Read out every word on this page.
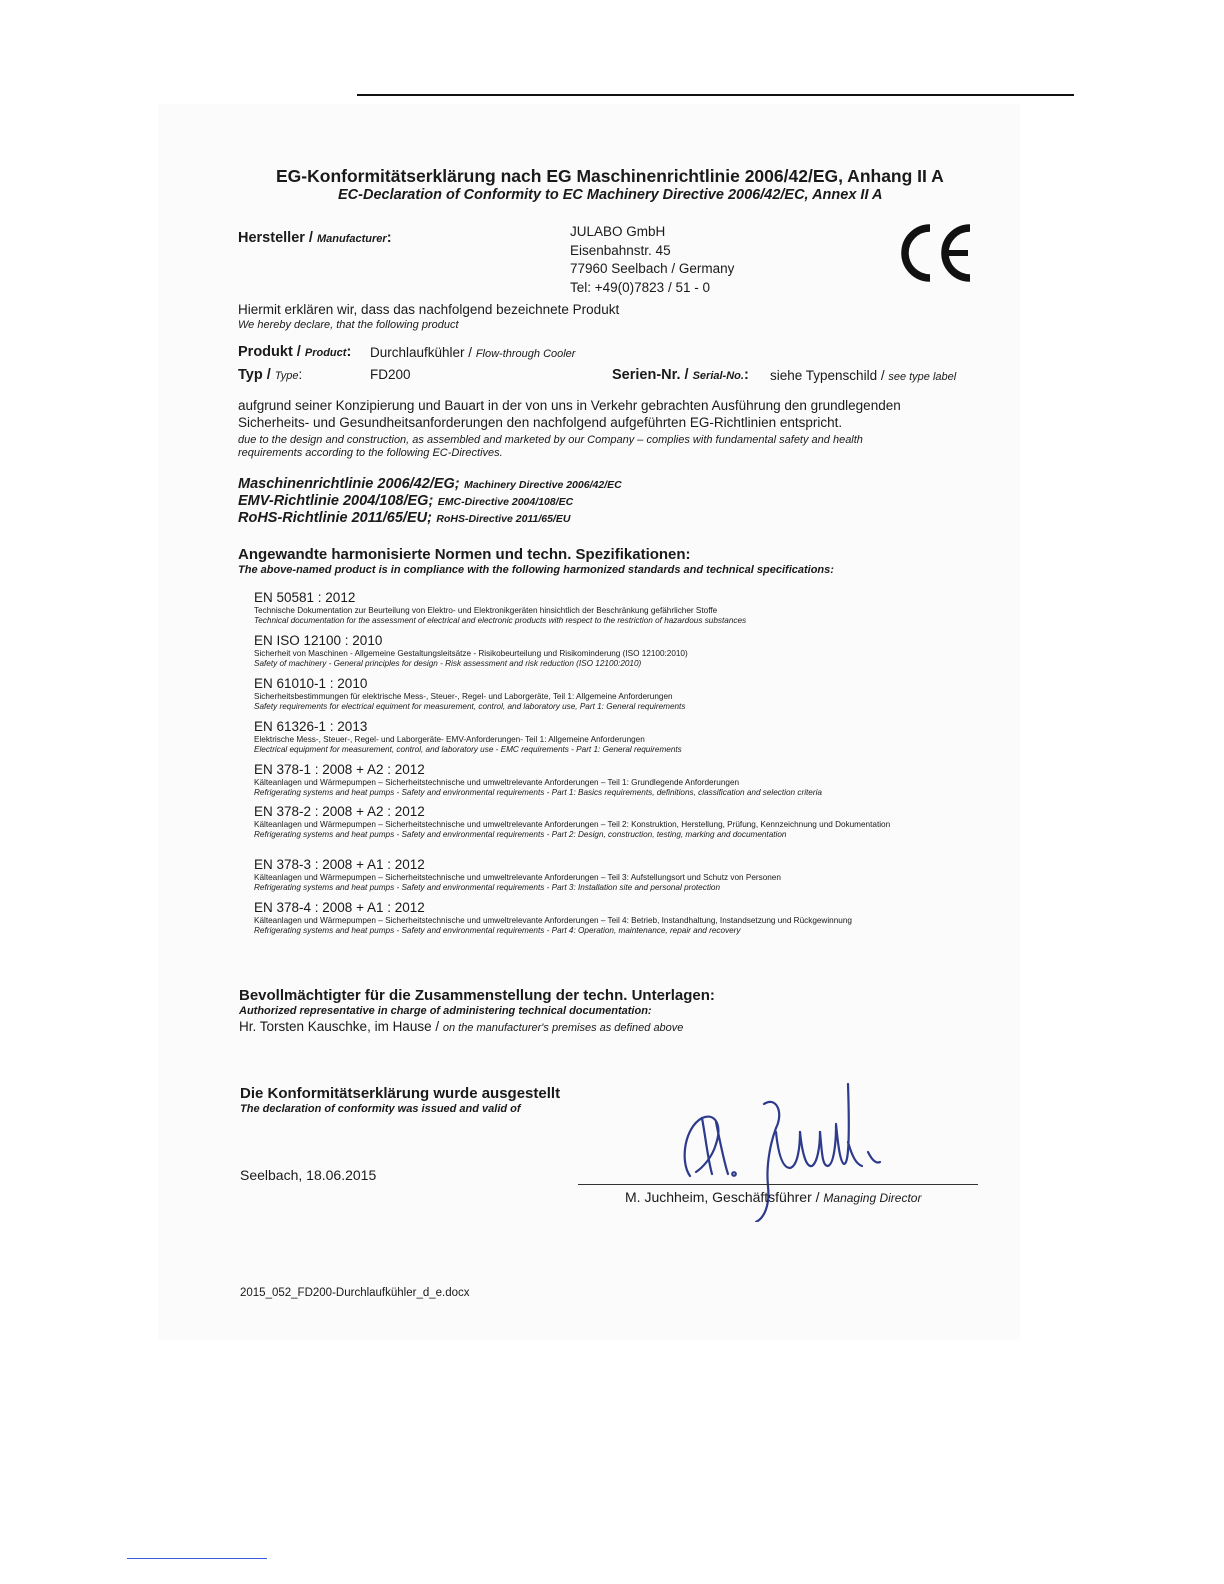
EG-Konformitätserklärung nach EG Maschinenrichtlinie 2006/42/EG, Anhang II A
EC-Declaration of Conformity to EC Machinery Directive 2006/42/EC, Annex II A
Hersteller / Manufacturer:	JULABO GmbH
Eisenbahnstr. 45
77960 Seelbach / Germany
Tel: +49(0)7823 / 51 - 0
Hiermit erklären wir, dass das nachfolgend bezeichnete Produkt
We hereby declare, that the following product
Produkt / Product: Durchlaufkühler / Flow-through Cooler
Typ / Type:	FD200	Serien-Nr. / Serial-No.: siehe Typenschild / see type label
aufgrund seiner Konzipierung und Bauart in der von uns in Verkehr gebrachten Ausführung den grundlegenden
Sicherheits- und Gesundheitsanforderungen den nachfolgend aufgeführten EG-Richtlinien entspricht.
due to the design and construction, as assembled and marketed by our Company – complies with fundamental safety and health
requirements according to the following EC-Directives.
Maschinenrichtlinie 2006/42/EG; Machinery Directive 2006/42/EC
EMV-Richtlinie 2004/108/EG; EMC-Directive 2004/108/EC
RoHS-Richtlinie 2011/65/EU; RoHS-Directive 2011/65/EU
Angewandte harmonisierte Normen und techn. Spezifikationen:
The above-named product is in compliance with the following harmonized standards and technical specifications:
EN 50581 : 2012
Technische Dokumentation zur Beurteilung von Elektro- und Elektronikgeräten hinsichtlich der Beschränkung gefährlicher Stoffe
Technical documentation for the assessment of electrical and electronic products with respect to the restriction of hazardous substances
EN ISO 12100 : 2010
Sicherheit von Maschinen - Allgemeine Gestaltungsleitsätze - Risikobeurteilung und Risikominderung (ISO 12100:2010)
Safety of machinery - General principles for design - Risk assessment and risk reduction (ISO 12100:2010)
EN 61010-1 : 2010
Sicherheitsbestimmungen für elektrische Mess-, Steuer-, Regel- und Laborgeräte, Teil 1: Allgemeine Anforderungen
Safety requirements for electrical equiment for measurement, control, and laboratory use, Part 1: General requirements
EN 61326-1 : 2013
Elektrische Mess-, Steuer-, Regel- und Laborgeräte- EMV-Anforderungen- Teil 1: Allgemeine Anforderungen
Electrical equipment for measurement, control, and laboratory use - EMC requirements - Part 1: General requirements
EN 378-1 : 2008 + A2 : 2012
Kälteanlagen und Wärmepumpen – Sicherheitstechnische und umweltrelevante Anforderungen – Teil 1: Grundlegende Anforderungen
Refrigerating systems and heat pumps - Safety and environmental requirements - Part 1: Basics requirements, definitions, classification and selection criteria
EN 378-2 : 2008 + A2 : 2012
Kälteanlagen und Wärmepumpen – Sicherheitstechnische und umweltrelevante Anforderungen – Teil 2: Konstruktion, Herstellung, Prüfung, Kennzeichnung und Dokumentation
Refrigerating systems and heat pumps - Safety and environmental requirements - Part 2: Design, construction, testing, marking and documentation
EN 378-3 : 2008 + A1 : 2012
Kälteanlagen und Wärmepumpen – Sicherheitstechnische und umweltrelevante Anforderungen – Teil 3: Aufstellungsort und Schutz von Personen
Refrigerating systems and heat pumps - Safety and environmental requirements - Part 3: Installation site and personal protection
EN 378-4 : 2008 + A1 : 2012
Kälteanlagen und Wärmepumpen – Sicherheitstechnische und umweltrelevante Anforderungen – Teil 4: Betrieb, Instandhaltung, Instandsetzung und Rückgewinnung
Refrigerating systems and heat pumps - Safety and environmental requirements - Part 4: Operation, maintenance, repair and recovery
Bevollmächtigter für die Zusammenstellung der techn. Unterlagen:
Authorized representative in charge of administering technical documentation:
Hr. Torsten Kauschke, im Hause / on the manufacturer's premises as defined above
Die Konformitätserklärung wurde ausgestellt
The declaration of conformity was issued and valid of
Seelbach, 18.06.2015
M. Juchheim, Geschäftsführer / Managing Director
2015_052_FD200-Durchlaufkühler_d_e.docx
